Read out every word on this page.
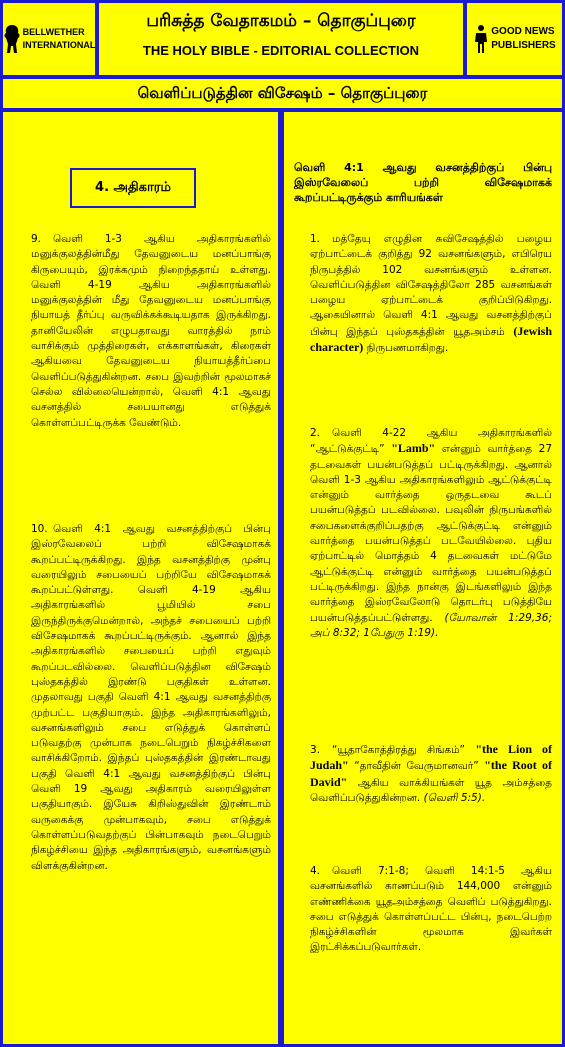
BELLWETHER
INTERNATIONAL
பரிசுத்த வேதாகமம் – தொகுப்புரை
THE HOLY BIBLE - EDITORIAL COLLECTION
GOOD NEWS
PUBLISHERS
வெளிப்படுத்தின விசேஷம் – தொகுப்புரை
4. அதிகாரம்

9. வெளி 1-3 ஆகிய அதிகாரங்களில் மனுக்குலத்தின்மீது தேவனுடைய மனப்பாங்கு கிருபையும், இரக்கமும் நிறைந்ததாய் உள்ளது. வெளி 4-19 ஆகிய அதிகாரங்களில் மனுக்குலத்தின் மீது தேவனுடைய மனப்பாங்கு நியாயத் தீர்ப்பு வருவிக்கக்கூடியதாக இருக்கிறது. தானியேலின் எழுபதாவது வாரத்தில் நாம் வாசிக்கும் முத்திரைகள், எக்காளங்கள், கிரைகள் ஆகியவை தேவனுடைய நியாயத்தீர்ப்பை வெளிப்படுத்துகின்றன. சபை இவற்றின் மூலமாகச் செல்ல வில்லையென்றால், வெளி 4:1 ஆவது வசனத்தில் சபையானது எடுத்துக் கொள்ளப்பட்டிருக்க வேண்டும்.

10. வெளி 4:1 ஆவது வசனத்திற்குப் பின்பு இஸ்ரவேலைப் பற்றி விசேஷமாகக் கூறப்பட்டிருக்கிறது. இந்த வசனத்திற்கு முன்பு வரையிலும் சபையைப் பற்றியே விசேஷமாகக் கூறப்பட்டுள்ளது. வெளி 4-19 ஆகிய அதிகாரங்களில் பூமியில் சபை இருந்திருக்குமென்றால், அந்தச் சபையைப் பற்றி விசேஷமாகக் கூறப்பட்டிருக்கும். ஆனால் இந்த அதிகாரங்களில் சபையைப் பற்றி எதுவும் கூறப்படவில்லை. வெளிப்படுத்தின விசேஷம் புஸ்தகத்தில் இரண்டு பகுதிகள் உள்ளன. முதலாவது பகுதி வெளி 4:1 ஆவது வசனத்திற்கு முற்பட்ட பகுதியாகும். இந்த அதிகாரங்களிலும், வசனங்களிலும் சபை எடுத்துக் கொள்ளப் படுவதற்கு முன்பாக நடைபெறும் நிகழ்ச்சிகளை வாசிக்கிறோம். இந்தப் புஸ்தகத்தின் இரண்டாவது பகுதி வெளி 4:1 ஆவது வசனத்திற்குப் பின்பு வெளி 19 ஆவது அதிகாரம் வரையிலுள்ள பகுதியாகும். இயேசு கிறிஸ்துவின் இரண்டாம் வருகைக்கு முன்பாகவும், சபை எடுத்துக் கொள்ளப்படுவதற்குப் பின்பாகவும் நடைபெறும் நிகழ்ச்சியை இந்த அதிகாரங்களும், வசனங்களும் விளக்குகின்றன.

வெளி 4:1 ஆவது வசனத்திற்குப் பின்பு இஸ்ரவேலைப் பற்றி விசேஷமாகக் கூறப்பட்டிருக்கும் காரியங்கள்

1. மத்தேயு எழுதின சுவிசேஷத்தில் பழைய ஏற்பாட்டைக் குறித்து 92 வசனங்களும், எபிரெய நிருபத்தில் 102 வசனங்களும் உள்ளன. வெளிப்படுத்தின விசேஷத்திலோ 285 வசனங்கள் பழைய ஏற்பாட்டைக் குறிப்பிடுகிறது. ஆகையினால் வெளி 4:1 ஆவது வசனத்திற்குப் பின்பு இந்தப் புஸ்தகத்தின் யூதஅம்சம் (Jewish character) நிருபணமாகிறது.

2. வெளி 4-22 ஆகிய அதிகாரங்களில் “ஆட்டுக்குட்டி” "Lamb" என்னும் வார்த்தை 27 தடவைகள் பயன்படுத்தப் பட்டிருக்கிறது. ஆனால் வெளி 1-3 ஆகிய அதிகாரங்களிலும் ஆட்டுக்குட்டி என்னும் வார்த்தை ஒருதடவை கூடப் பயன்படுத்தப் படவில்லை. பவுலின் நிருபங்களில் சபைகளைக்குறிப்பதற்கு ஆட்டுக்குட்டி என்னும் வார்த்தை பயன்படுத்தப் படவேயில்லை. புதிய ஏற்பாட்டில் மொத்தம் 4 தடவைகள் மட்டுமே ஆட்டுக்குட்டி என்னும் வார்த்தை பயன்படுத்தப் பட்டிருக்கிறது. இந்த நான்கு இடங்களிலும் இந்த வார்த்தை இஸ்ரவேலோடு தொடர்பு படுத்தியே பயன்படுத்தப்பட்டுள்ளது. (யோவான் 1:29,36; அப் 8:32; 1பேதுரு 1:19).

3. “யூதாகோத்திரத்து சிங்கம்” "the Lion of Judah" “தாவீதின் வேருமானவர்” "the Root of David" ஆகிய வாக்கியங்கள் யூத அம்சத்தை வெளிப்படுத்துகின்றன. (வெளி 5:5).

4. வெளி 7:1-8; வெளி 14:1-5 ஆகிய வசனங்களில் காணப்படும் 144,000 என்னும் எண்ணிக்கை யூதஅம்சத்தை வெளிப் படுத்துகிறது. சபை எடுத்துக் கொள்ளப்பட்ட பின்பு, நடைபெற்ற நிகழ்ச்சிகளின் மூலமாக இவர்கள் இரட்சிக்கப்படுவார்கள்.
